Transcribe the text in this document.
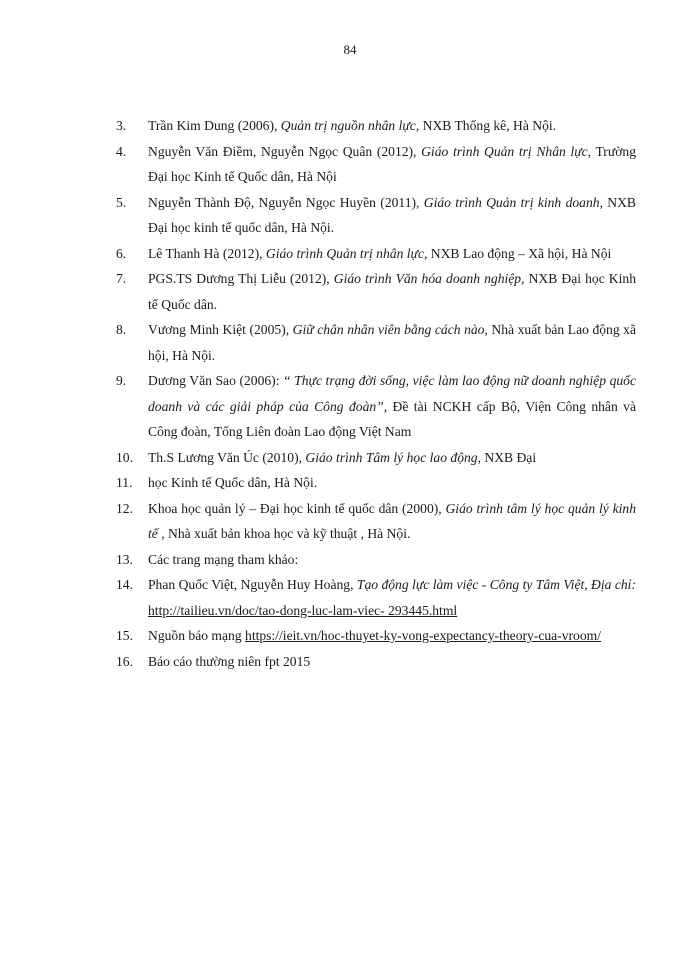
84
3.	Trần Kim Dung (2006), Quản trị nguồn nhân lực, NXB Thống kê, Hà Nội.
4.	Nguyễn Văn Điềm, Nguyễn Ngọc Quân (2012), Giáo trình Quản trị Nhân lực, Trường Đại học Kinh tế Quốc dân, Hà Nội
5.	Nguyễn Thành Độ, Nguyễn Ngọc Huyền (2011), Giáo trình Quản trị kinh doanh, NXB Đại học kinh tế quốc dân, Hà Nội.
6.	Lê Thanh Hà (2012), Giáo trình Quản trị nhân lực, NXB Lao động – Xã hội, Hà Nội
7.	PGS.TS Dương Thị Liễu (2012), Giáo trình Văn hóa doanh nghiệp, NXB Đại học Kinh tế Quốc dân.
8.	Vương Minh Kiệt (2005), Giữ chân nhân viên bằng cách nào, Nhà xuất bản Lao động xã hội, Hà Nội.
9.	Dương Văn Sao (2006): “ Thực trạng đời sống, việc làm lao động nữ doanh nghiệp quốc doanh và các giải pháp của Công đoàn”, Đề tài NCKH cấp Bộ, Viện Công nhân và Công đoàn, Tổng Liên đoàn Lao động Việt Nam
10.	Th.S Lương Văn Úc (2010), Giáo trình Tâm lý học lao động, NXB Đại
11.	học Kinh tế Quốc dân, Hà Nội.
12.	Khoa học quản lý – Đại học kinh tế quốc dân (2000), Giáo trình tâm lý học quản lý kinh tế , Nhà xuất bản khoa học và kỹ thuật , Hà Nội.
13.	Các trang mạng tham khảo:
14.	Phan Quốc Việt, Nguyễn Huy Hoàng, Tạo động lực làm việc - Công ty Tâm Việt, Địa chỉ: http://tailieu.vn/doc/tao-dong-luc-lam-viec- 293445.html
15.	Nguồn báo mạng https://ieit.vn/hoc-thuyet-ky-vong-expectancy-theory-cua-vroom/
16.	Báo cáo thường niên fpt 2015
